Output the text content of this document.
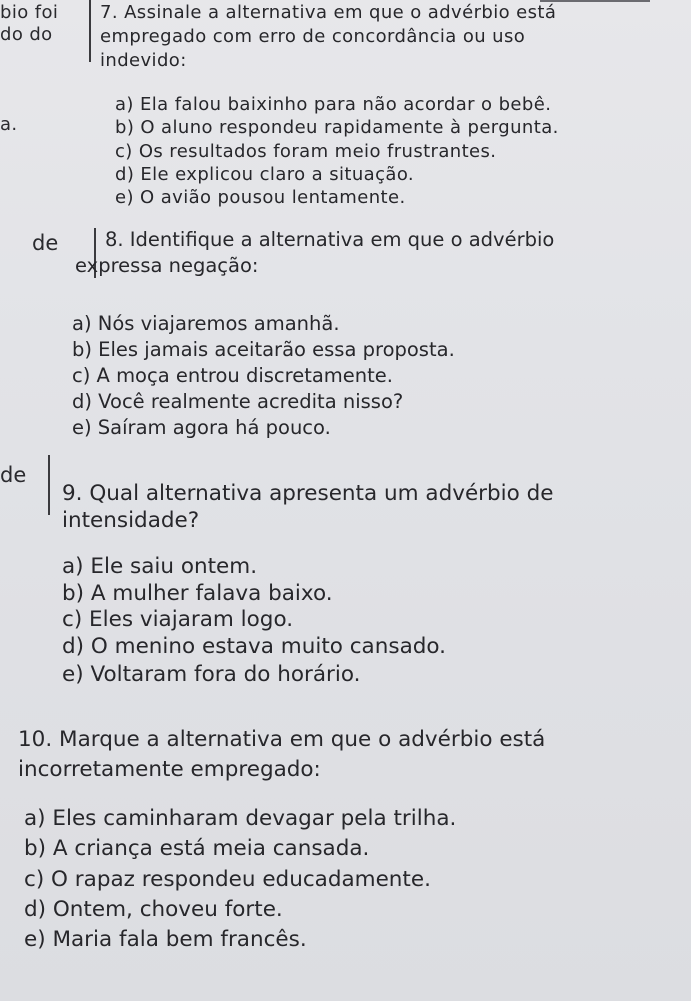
bio foi
do do
a.
de
de
7. Assinale a alternativa em que o advérbio está
empregado com erro de concordância ou uso
indevido:
a) Ela falou baixinho para não acordar o bebê.
b) O aluno respondeu rapidamente à pergunta.
c) Os resultados foram meio frustrantes.
d) Ele explicou claro a situação.
e) O avião pousou lentamente.
8. Identifique a alternativa em que o advérbio
expressa negação:
a) Nós viajaremos amanhã.
b) Eles jamais aceitarão essa proposta.
c) A moça entrou discretamente.
d) Você realmente acredita nisso?
e) Saíram agora há pouco.
9. Qual alternativa apresenta um advérbio de
intensidade?
a) Ele saiu ontem.
b) A mulher falava baixo.
c) Eles viajaram logo.
d) O menino estava muito cansado.
e) Voltaram fora do horário.
10. Marque a alternativa em que o advérbio está
incorretamente empregado:
a) Eles caminharam devagar pela trilha.
b) A criança está meia cansada.
c) O rapaz respondeu educadamente.
d) Ontem, choveu forte.
e) Maria fala bem francês.
